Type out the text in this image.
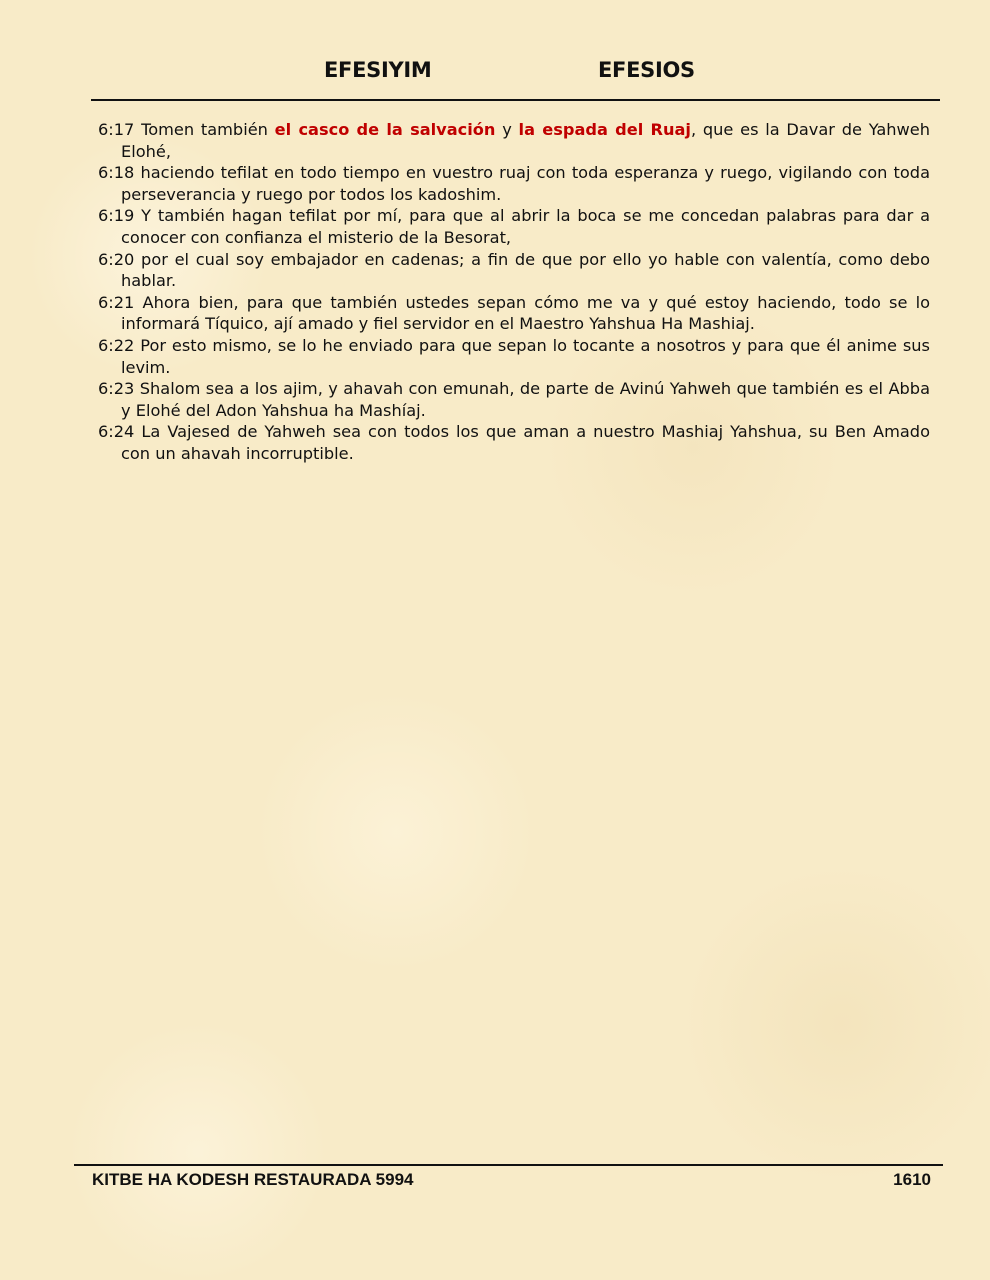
EFESIYIM	EFESIOS

6:17 Tomen también el casco de la salvación y la espada del Ruaj, que es la Davar de Yahweh Elohé,

6:18 haciendo tefilat en todo tiempo en vuestro ruaj con toda esperanza y ruego, vigilando con toda perseverancia y ruego por todos los kadoshim.

6:19 Y también hagan tefilat por mí, para que al abrir la boca se me concedan palabras para dar a conocer con confianza el misterio de la Besorat,

6:20 por el cual soy embajador en cadenas; a fin de que por ello yo hable con valentía, como debo hablar.

6:21 Ahora bien, para que también ustedes sepan cómo me va y qué estoy haciendo, todo se lo informará Tíquico, ají amado y fiel servidor en el Maestro Yahshua Ha Mashiaj.

6:22 Por esto mismo, se lo he enviado para que sepan lo tocante a nosotros y para que él anime sus levim.

6:23 Shalom sea a los ajim, y ahavah con emunah, de parte de Avinú Yahweh que también es el Abba y Elohé del Adon Yahshua ha Mashíaj.

6:24 La Vajesed de Yahweh sea con todos los que aman a nuestro Mashiaj Yahshua, su Ben Amado con un ahavah incorruptible.

KITBE HA KODESH RESTAURADA 5994	1610
